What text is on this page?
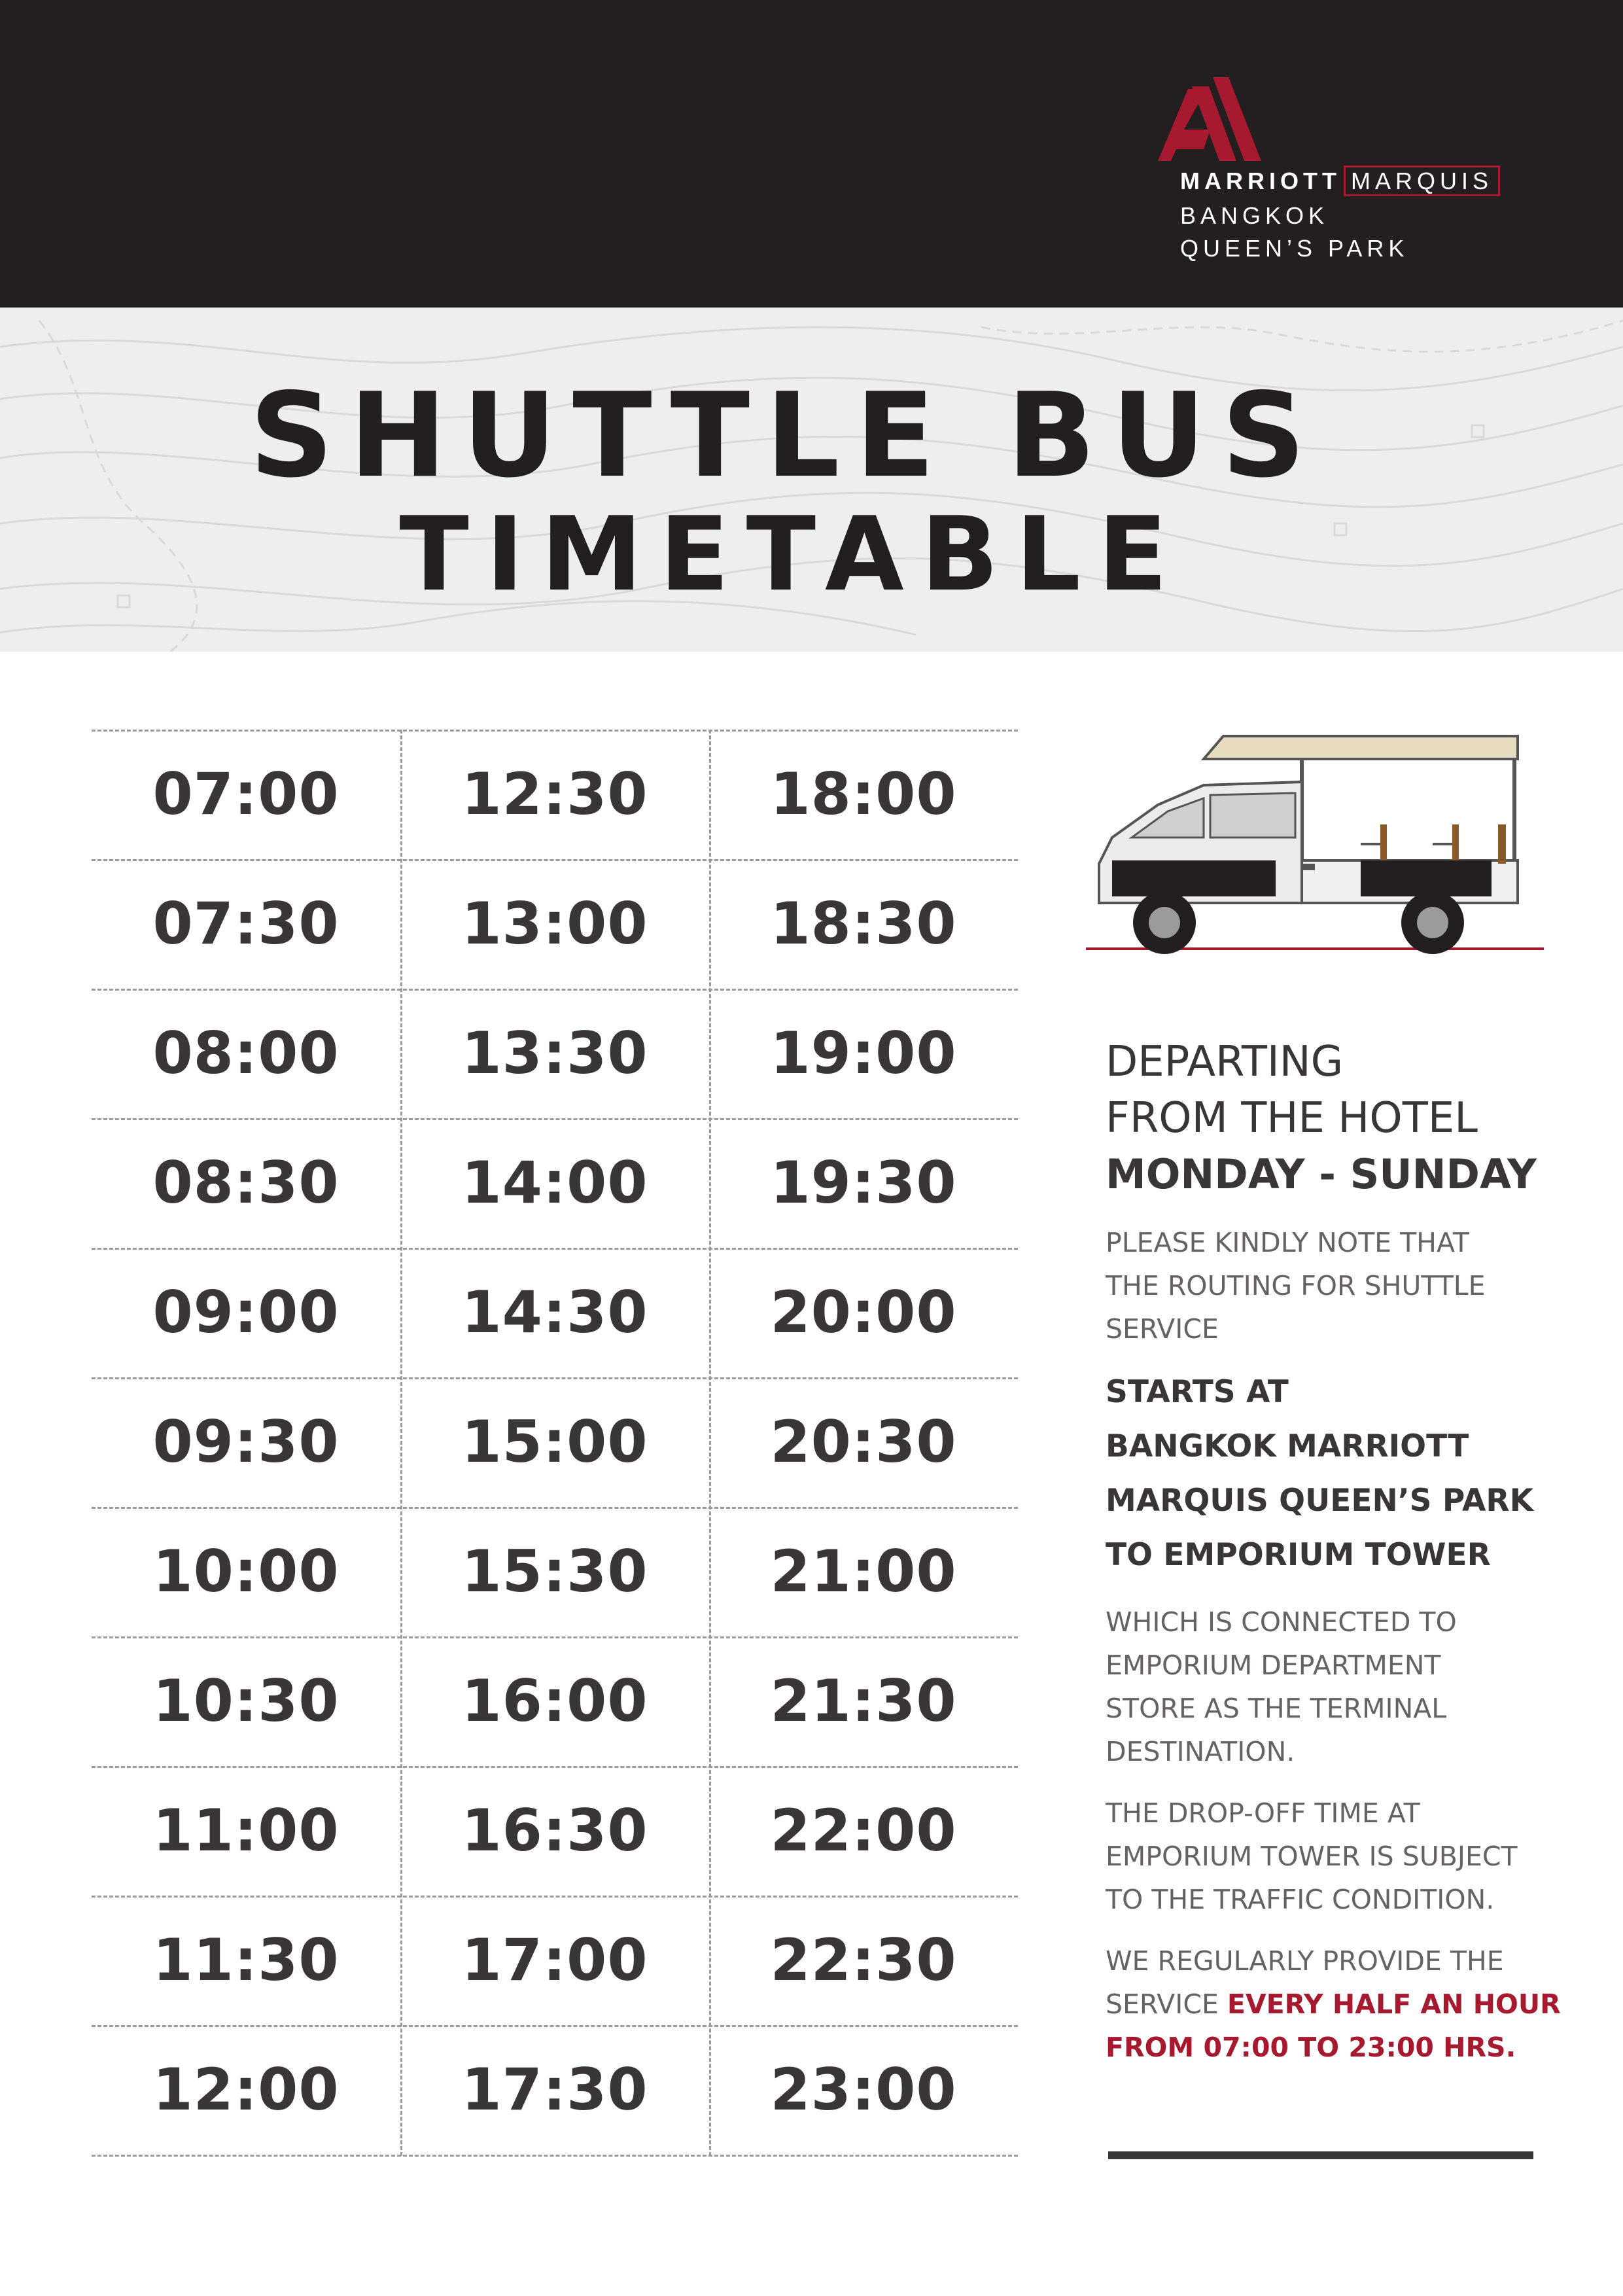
MARRIOTT MARQUIS
BANGKOK
QUEEN’S PARK
SHUTTLE BUS
TIMETABLE
07:00
07:30
08:00
08:30
09:00
09:30
10:00
10:30
11:00
11:30
12:00
12:30
13:00
13:30
14:00
14:30
15:00
15:30
16:00
16:30
17:00
17:30
18:00
18:30
19:00
19:30
20:00
20:30
21:00
21:30
22:00
22:30
23:00
DEPARTING
FROM THE HOTEL
MONDAY - SUNDAY
PLEASE KINDLY NOTE THAT
THE ROUTING FOR SHUTTLE
SERVICE
STARTS AT
BANGKOK MARRIOTT
MARQUIS QUEEN’S PARK
TO EMPORIUM TOWER
WHICH IS CONNECTED TO
EMPORIUM DEPARTMENT
STORE AS THE TERMINAL
DESTINATION.
THE DROP-OFF TIME AT
EMPORIUM TOWER IS SUBJECT
TO THE TRAFFIC CONDITION.
WE REGULARLY PROVIDE THE
SERVICE EVERY HALF AN HOUR
FROM 07:00 TO 23:00 HRS.
